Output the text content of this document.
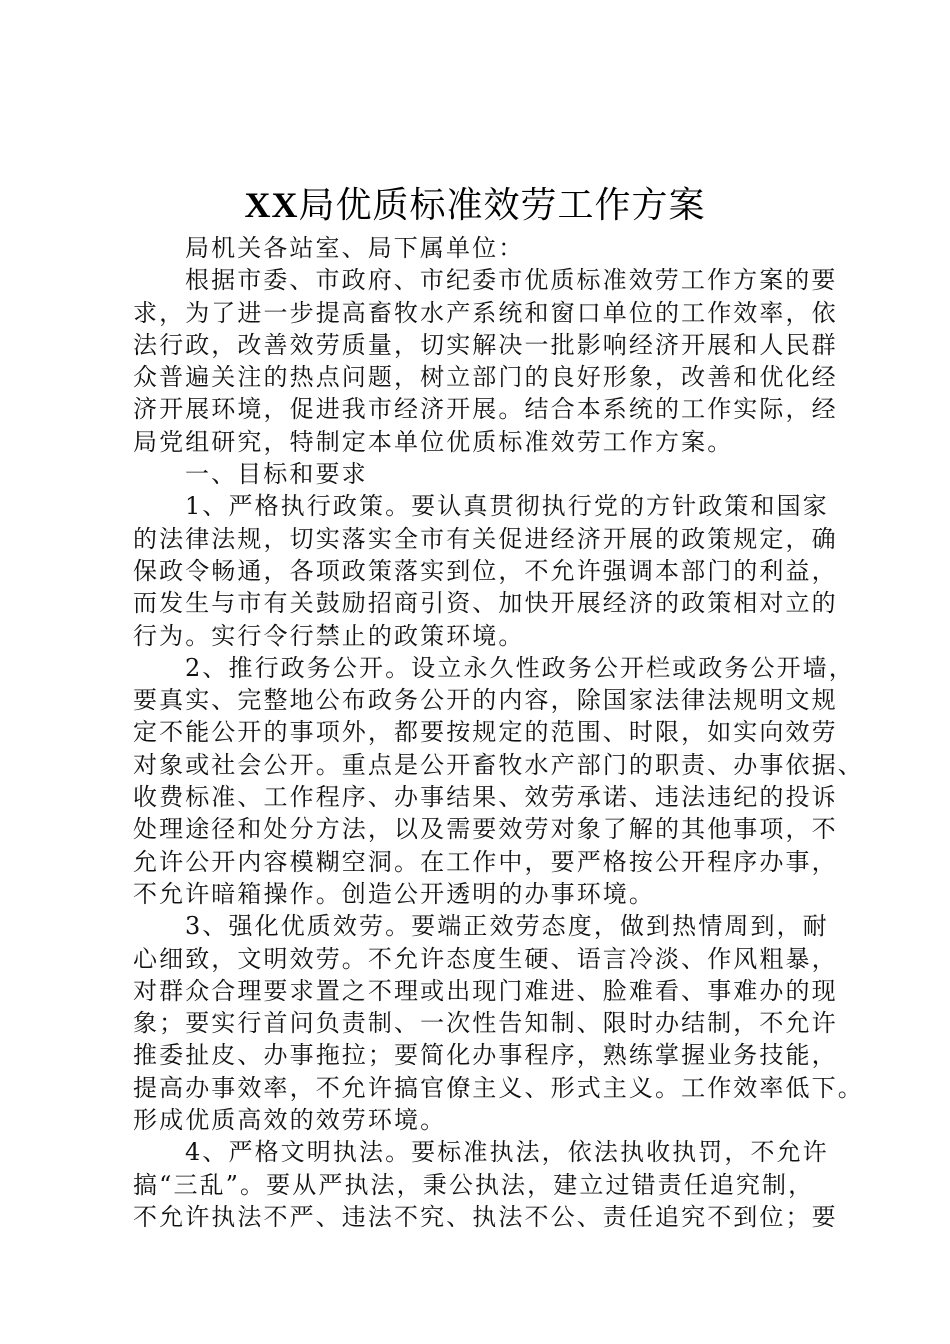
XX局优质标准效劳工作方案
局机关各站室、局下属单位：
根据市委、市政府、市纪委市优质标准效劳工作方案的要
求，为了进一步提高畜牧水产系统和窗口单位的工作效率，依
法行政，改善效劳质量，切实解决一批影响经济开展和人民群
众普遍关注的热点问题，树立部门的良好形象，改善和优化经
济开展环境，促进我市经济开展。结合本系统的工作实际，经
局党组研究，特制定本单位优质标准效劳工作方案。
一、目标和要求
1、严格执行政策。要认真贯彻执行党的方针政策和国家
的法律法规，切实落实全市有关促进经济开展的政策规定，确
保政令畅通，各项政策落实到位，不允许强调本部门的利益，
而发生与市有关鼓励招商引资、加快开展经济的政策相对立的
行为。实行令行禁止的政策环境。
2、推行政务公开。设立永久性政务公开栏或政务公开墙，
要真实、完整地公布政务公开的内容，除国家法律法规明文规
定不能公开的事项外，都要按规定的范围、时限，如实向效劳
对象或社会公开。重点是公开畜牧水产部门的职责、办事依据、
收费标准、工作程序、办事结果、效劳承诺、违法违纪的投诉
处理途径和处分方法，以及需要效劳对象了解的其他事项，不
允许公开内容模糊空洞。在工作中，要严格按公开程序办事，
不允许暗箱操作。创造公开透明的办事环境。
3、强化优质效劳。要端正效劳态度，做到热情周到，耐
心细致，文明效劳。不允许态度生硬、语言冷淡、作风粗暴，
对群众合理要求置之不理或出现门难进、脸难看、事难办的现
象；要实行首问负责制、一次性告知制、限时办结制，不允许
推委扯皮、办事拖拉；要简化办事程序，熟练掌握业务技能，
提高办事效率，不允许搞官僚主义、形式主义。工作效率低下。
形成优质高效的效劳环境。
4、严格文明执法。要标准执法，依法执收执罚，不允许
搞“三乱”。要从严执法，秉公执法，建立过错责任追究制，
不允许执法不严、违法不究、执法不公、责任追究不到位；要
